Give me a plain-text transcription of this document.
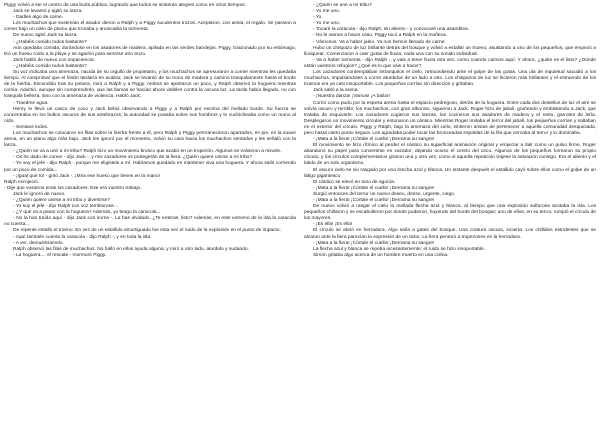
Piggy volvió a ser el centro de una burla pública, logrando que todos se sintieran alegres como en otros tiempos.

Jack se levantó y agitó su lanza.

- Dadles algo de carne.

Los muchachos que sostenían el asador dieron a Ralph y a Piggy suculentos trozos. Aceptaron, con ansia, el regalo. Se pararon a comer bajo un cielo de plomo que tronaba y anunciaba la tormenta.

De nuevo agitó Jack su lanza.

- ¿Habéis comido todos bastante?

Aún quedaba comida, dorándose en los asadores de madera, apilada en las verdes bandejas. Piggy, traicionado por su estómago, tiró un hueso roído a la playa y se agachó para servirse otro trozo.

Jack habló de nuevo con impaciencia:

- ¿Habéis comido todos bastante?

Su voz indicaba una amenaza, nacida de su orgullo de propietario, y los muchachos se apresuraron a comer mientras les quedaba tiempo. Al comprobar que el festín tardaría en acabar, Jack se levantó de su trono de madera y caminó tranquilamente hasta el borde de la hierba. Escondido tras su pintura, miró a Ralph y a Piggy. Ambos se apartaron un poco, y Ralph observó la hoguera mientras comía. Advirtió, aunque sin comprenderlo, que las llamas se hacían ahora visibles contra la oscura luz. La tarde había llegado, no con tranquila belleza, sino con la amenaza de violencia. Habló Jack:

- Traedme agua.

Henry le llevó un casco de coco y Jack bebió observando a Piggy y a Ralph por encima del mellado borde. Su fuerza se concentraba en los bultos oscuros de sus antebrazos; la autoridad se posaba sobre sus hombros y le cuchicheaba como un mono al oído.

- Sentaos todos.

Los muchachos se colocaron en filas sobre la hierba frente a él, pero Ralph y Piggy permanecieron apartados, en pie, en la suave arena, en un plano algo más bajo. Jack les ignoró por el momento, volvió su cara hacia los muchachos sentados y les señaló con la lanza.

- ¿Quién se va a unir a mi tribu? Ralph hizo un movimiento brusco que acabó en un tropezón. Algunos se volvieron a mirarle.

- Os he dado de comer - dijo Jack -, y mis cazadores os protegerán de la fiera. ¿Quién quiere unirse a mi tribu?

- Yo soy el jefe - dijo Ralph - porque me eligisteis a mí. Habíamos quedado en mantener viva una hoguera. Y ahora salís corriendo por un poco de comida...

- ¡Igual que tú! - gritó Jack -. ¡Mira ese hueso que tienes en la mano!

Ralph enrojeció.

- Dije que vosotros erais los cazadores. Ese era vuestro trabajo.

Jack le ignoró de nuevo.

- ¿Quién quiere unirse a mi tribu y divertirse?

- Yo soy el jefe - dijo Ralph con voz temblorosa -.

- ¿Y qué va a pasar con la hoguera? Además, yo tengo la caracola...

- No la has traído aquí - dijo Jack con sorna -. La has olvidado. ¿Te enteras, listo? Además, en este extremo de la isla la caracola no cuenta...

De repente estalló el trueno. En vez de un estallido amortiguado fue esta vez el ruido de la explosión en el punto de impacto.

- Aquí también cuenta la caracola - dijo Ralph -, y en toda la isla.

- A ver, demuéstramelo.

Ralph observó las filas de muchachos. No halló en ellos ayuda alguna, y miró a otro lado, aturdido y sudando.

- La hoguera..., el rescate - murmuró Piggy.

- ¿Quién se une a mi tribu?

- Yo me uno.

- Yo.

- Yo me uno.

- Tocaré la caracola - dijo Ralph, sin aliento - y convocaré una asamblea.

- No le vamos a hacer caso. Piggy tocó a Ralph en la muñeca.

- Vámonos. Va a haber jaleo. Ya nos hemos llenado de carne.

Hubo un chispazo de luz brillante detrás del bosque y volvió a estallar un trueno, asustando a uno de los pequeños, que empezó a lloriquear. Comenzaron a caer gotas de lluvia, cada una con su sonido individual.

- Va a haber tormenta - dijo Ralph -, y vais a tener lluvia otra vez, como cuando caímos aquí. Y ahora, ¿quién es el listo? ¿Dónde están vuestros refugios? ¿Qué es lo que vais a hacer?

Los cazadores contemplaban intranquilos el cielo, retrocediendo ante el golpe de las gotas. Una ola de inquietud sacudió a los muchachos, impulsándoles a correr aturdidos de un lado a otro. Los chispazos de luz se hicieron más brillantes y el estruendo de los truenos era ya casi insoportable. Los pequeños corrían sin dirección y gritaban.

Jack saltó a la arena.

- ¡Nuestra danza! ¡Vamos! ¡A bailar!

Corrió como pudo por la espesa arena hasta el espacio pedregoso, detrás de la hoguera. Entre cada dos destellos de luz el aire se volvía oscuro y terrible; los muchachos, con gran alboroto, siguieron a Jack. Roger hizo de jabalí, gruñendo y embistiendo a Jack, que trataba de esquivarle. Los cazadores cogieron sus lanzas, los cocineros sus asadores de madera y el resto, garrotes de leña. Desplegaron un movimiento circular y entonaron un cántico. Mientras Roger imitaba el terror del jabalí, los pequeños corrían y saltaban en el exterior del círculo. Piggy y Ralph, bajo la amenaza del cielo, sintieron ansias de pertenecer a aquella comunidad desquiciada, pero hasta cierto punto segura. Les agradaba poder tocar las bronceadas espaldas de la fila que cercaba al terror y lo dominaba.

- ¡Mata a la fiera! ¡Córtale el cuello! ¡Derrama su sangre!

El movimiento se hizo rítmico al perder el cántico su superficial animación original y empezar a latir como un pulso firme. Roger abandonó su papel para convertirse en cazador, dejando ocioso el centro del circo. Algunos de los pequeños formaron su propio círculo, y los círculos complementarios giraron una y otra vez, como si aquella repetición trajese la salvación consigo. Era el aliento y el latido de un solo organismo.

El oscuro cielo se vio rasgado por una brecha azul y blanca. Un instante después el estallido cayó sobre ellos como el golpe de un látigo gigantesco.

El cántico se elevó en tono de agonía.

- ¡Mata a la fiera! ¡Córtale el cuello! ¡Derrama su sangre!

Surgió entonces del terror un nuevo deseo, denso, urgente, ciego.

- ¡Mata a la fiera! ¡Córtale el cuello! ¡Derrama su sangre!

De nuevo volvió a rasgar el cielo la mellada flecha azul y blanca, al tiempo que una explosión sulfurosa azotaba la isla. Los pequeños chillaron y se escabulleron por donde pudieron, huyendo del borde del bosque; uno de ellos, en su terror, rompió el círculo de los mayores.

- ¡Es ella! ¡Es ella!

El círculo se abrió en herradura. Algo salía a gatas del bosque. Una criatura oscura, incierta. Los chillidos estridentes que se alzaron ante la fiera parecían la expresión de un dolor. La fiera penetró a tropezones en la herradura.

- ¡Mata a la fiera! ¡Córtale el cuello! ¡Derrama su sangre!

La flecha azul y blanca se repetía incesantemente; el ruido se hizo insoportable.

Simón gritaba algo acerca de un hombre muerto en una colina.
